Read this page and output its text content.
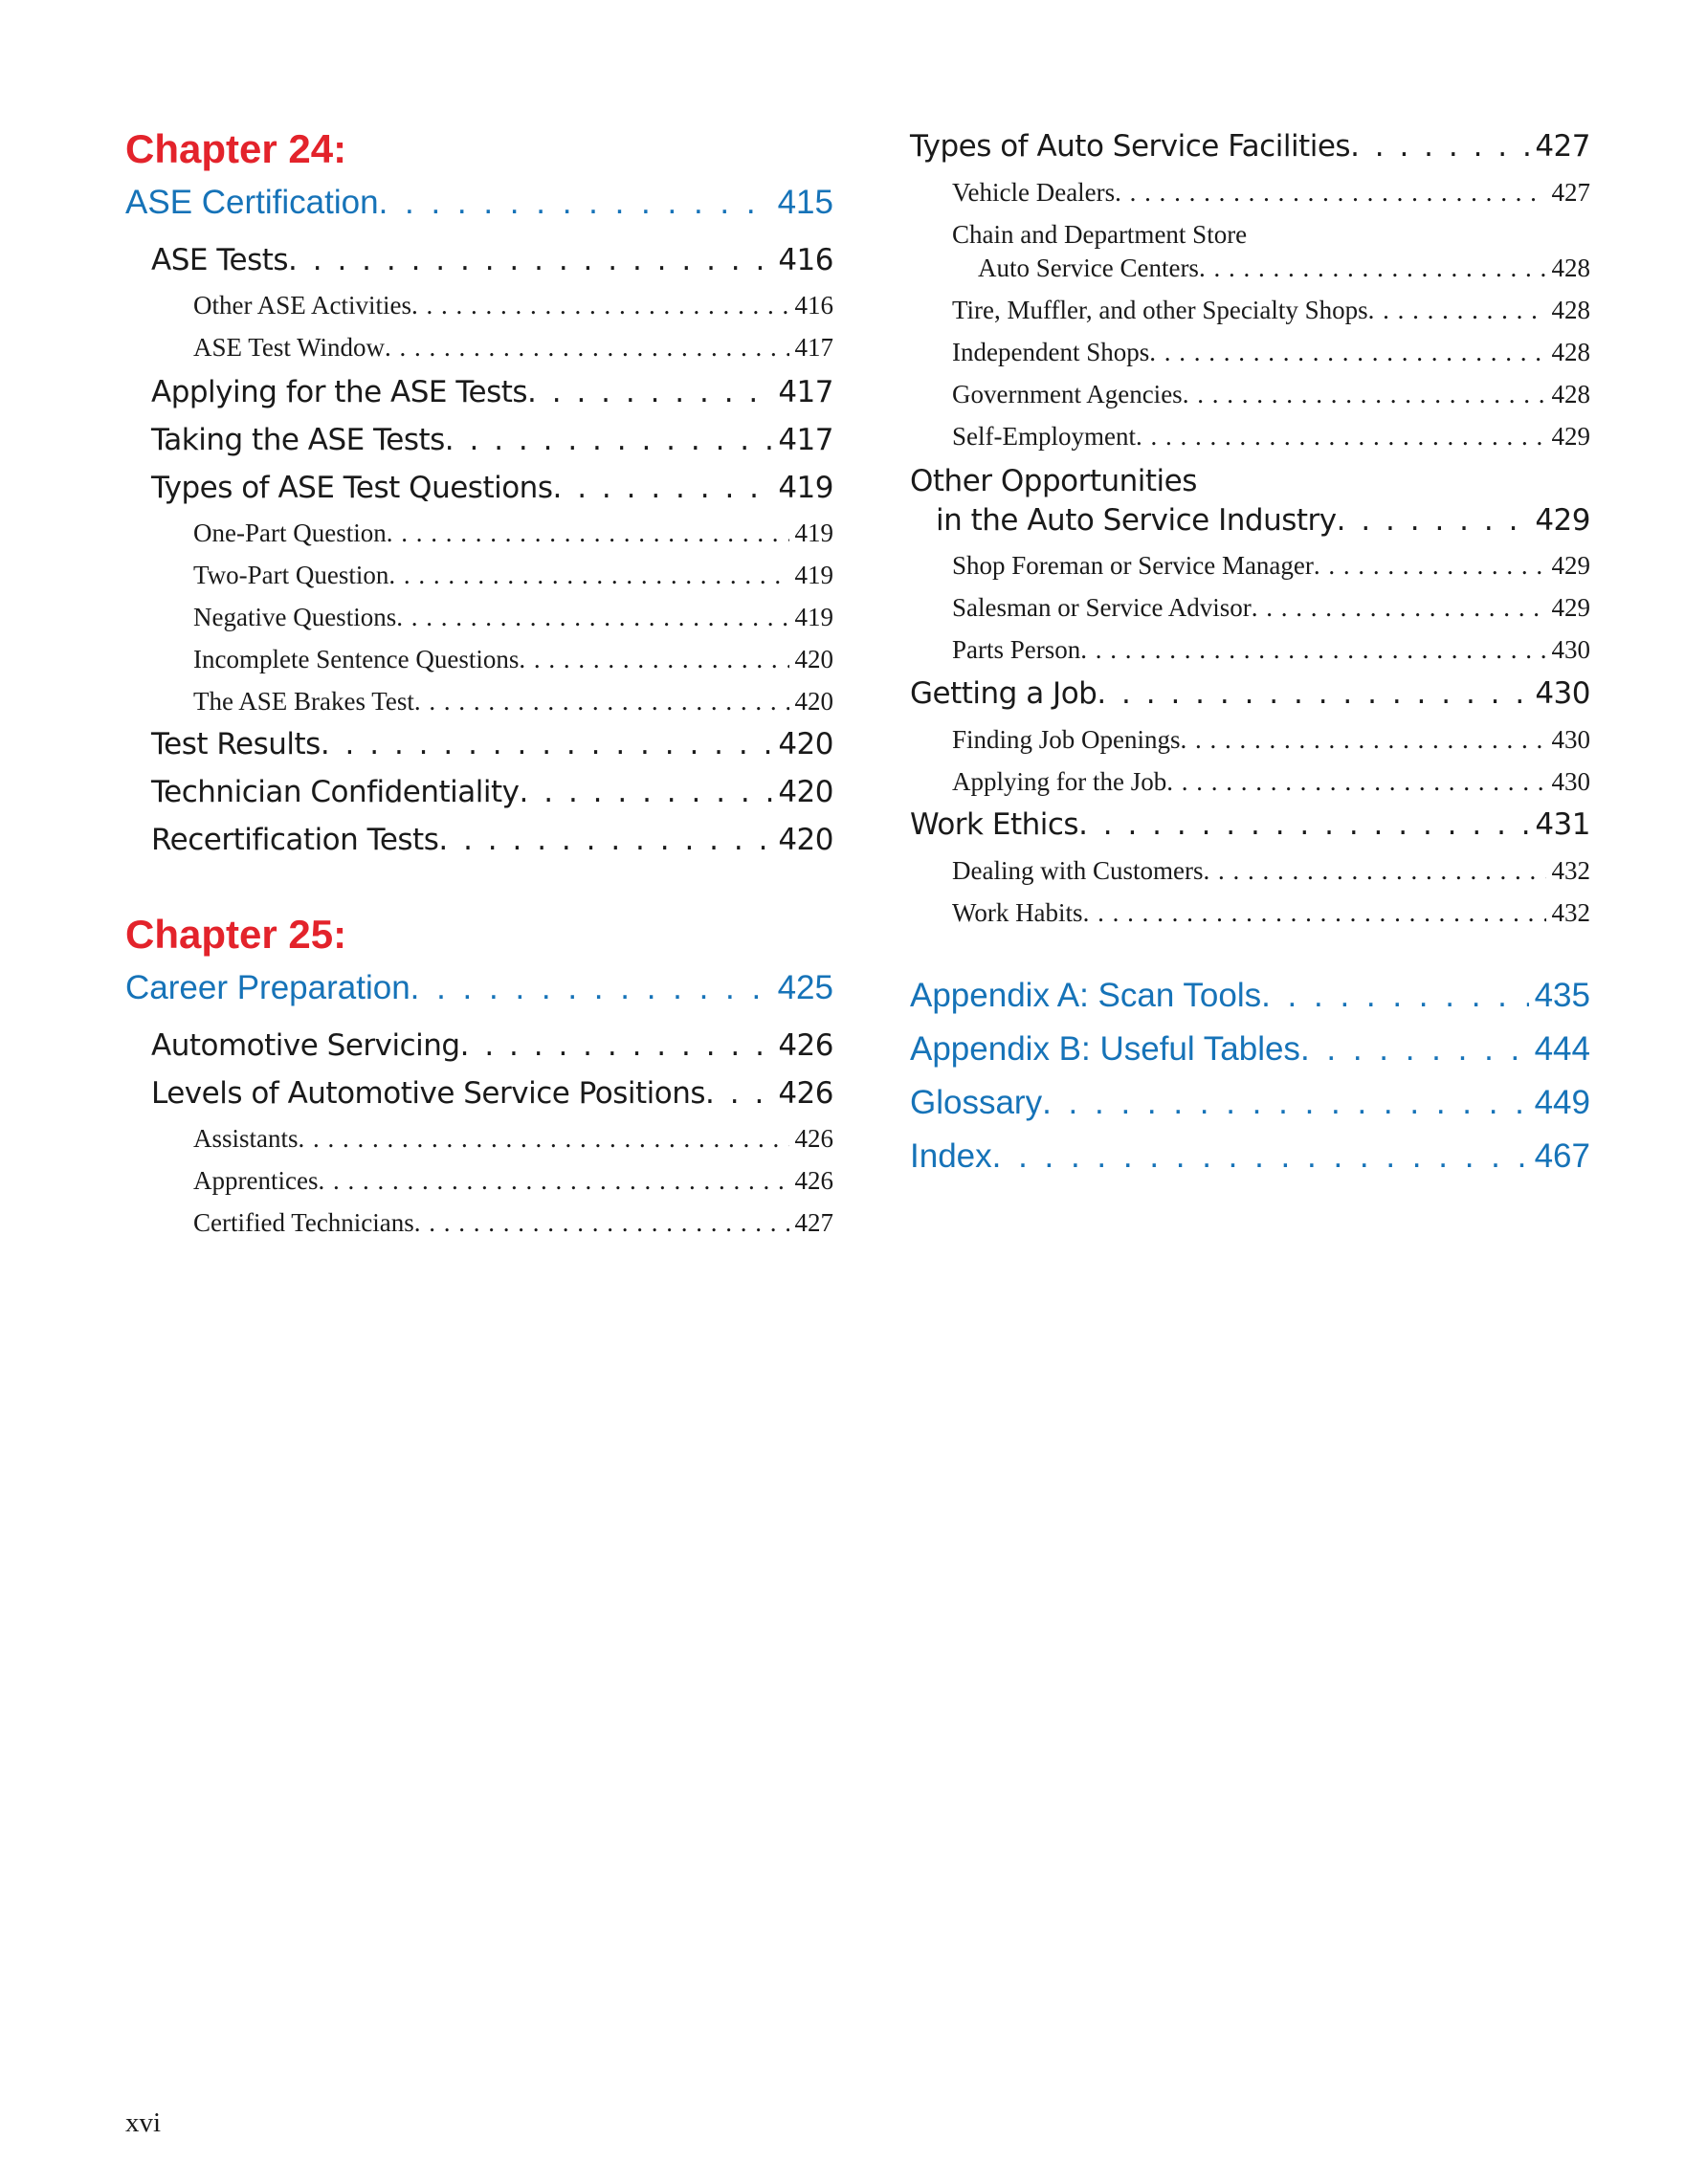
Chapter 24:
ASE Certification . . .	415
ASE Tests . . .	416
Other ASE Activities . . .	416
ASE Test Window . . .	417
Applying for the ASE Tests . . .	417
Taking the ASE Tests . . .	417
Types of ASE Test Questions . . .	419
One-Part Question . . .	419
Two-Part Question . . .	419
Negative Questions . . .	419
Incomplete Sentence Questions . . .	420
The ASE Brakes Test . . .	420
Test Results . . .	420
Technician Confidentiality . . .	420
Recertification Tests . . .	420
Chapter 25:
Career Preparation . . .	425
Automotive Servicing . . .	426
Levels of Automotive Service Positions . . . 426
Assistants . . .	426
Apprentices . . .	426
Certified Technicians . . .	427
Types of Auto Service Facilities . . .	427
Vehicle Dealers . . .	427
Chain and Department Store
Auto Service Centers . . .	428
Tire, Muffler, and other Specialty Shops . . .	428
Independent Shops . . .	428
Government Agencies . . .	428
Self-Employment . . .	429
Other Opportunities
in the Auto Service Industry . . .	429
Shop Foreman or Service Manager . . .	429
Salesman or Service Advisor . . .	429
Parts Person . . .	430
Getting a Job . . .	430
Finding Job Openings . . .	430
Applying for the Job . . .	430
Work Ethics . . .	431
Dealing with Customers . . .	432
Work Habits . . .	432
Appendix A: Scan Tools . . .	435
Appendix B: Useful Tables . . .	444
Glossary . . .	449
Index . . .	467
xvi
